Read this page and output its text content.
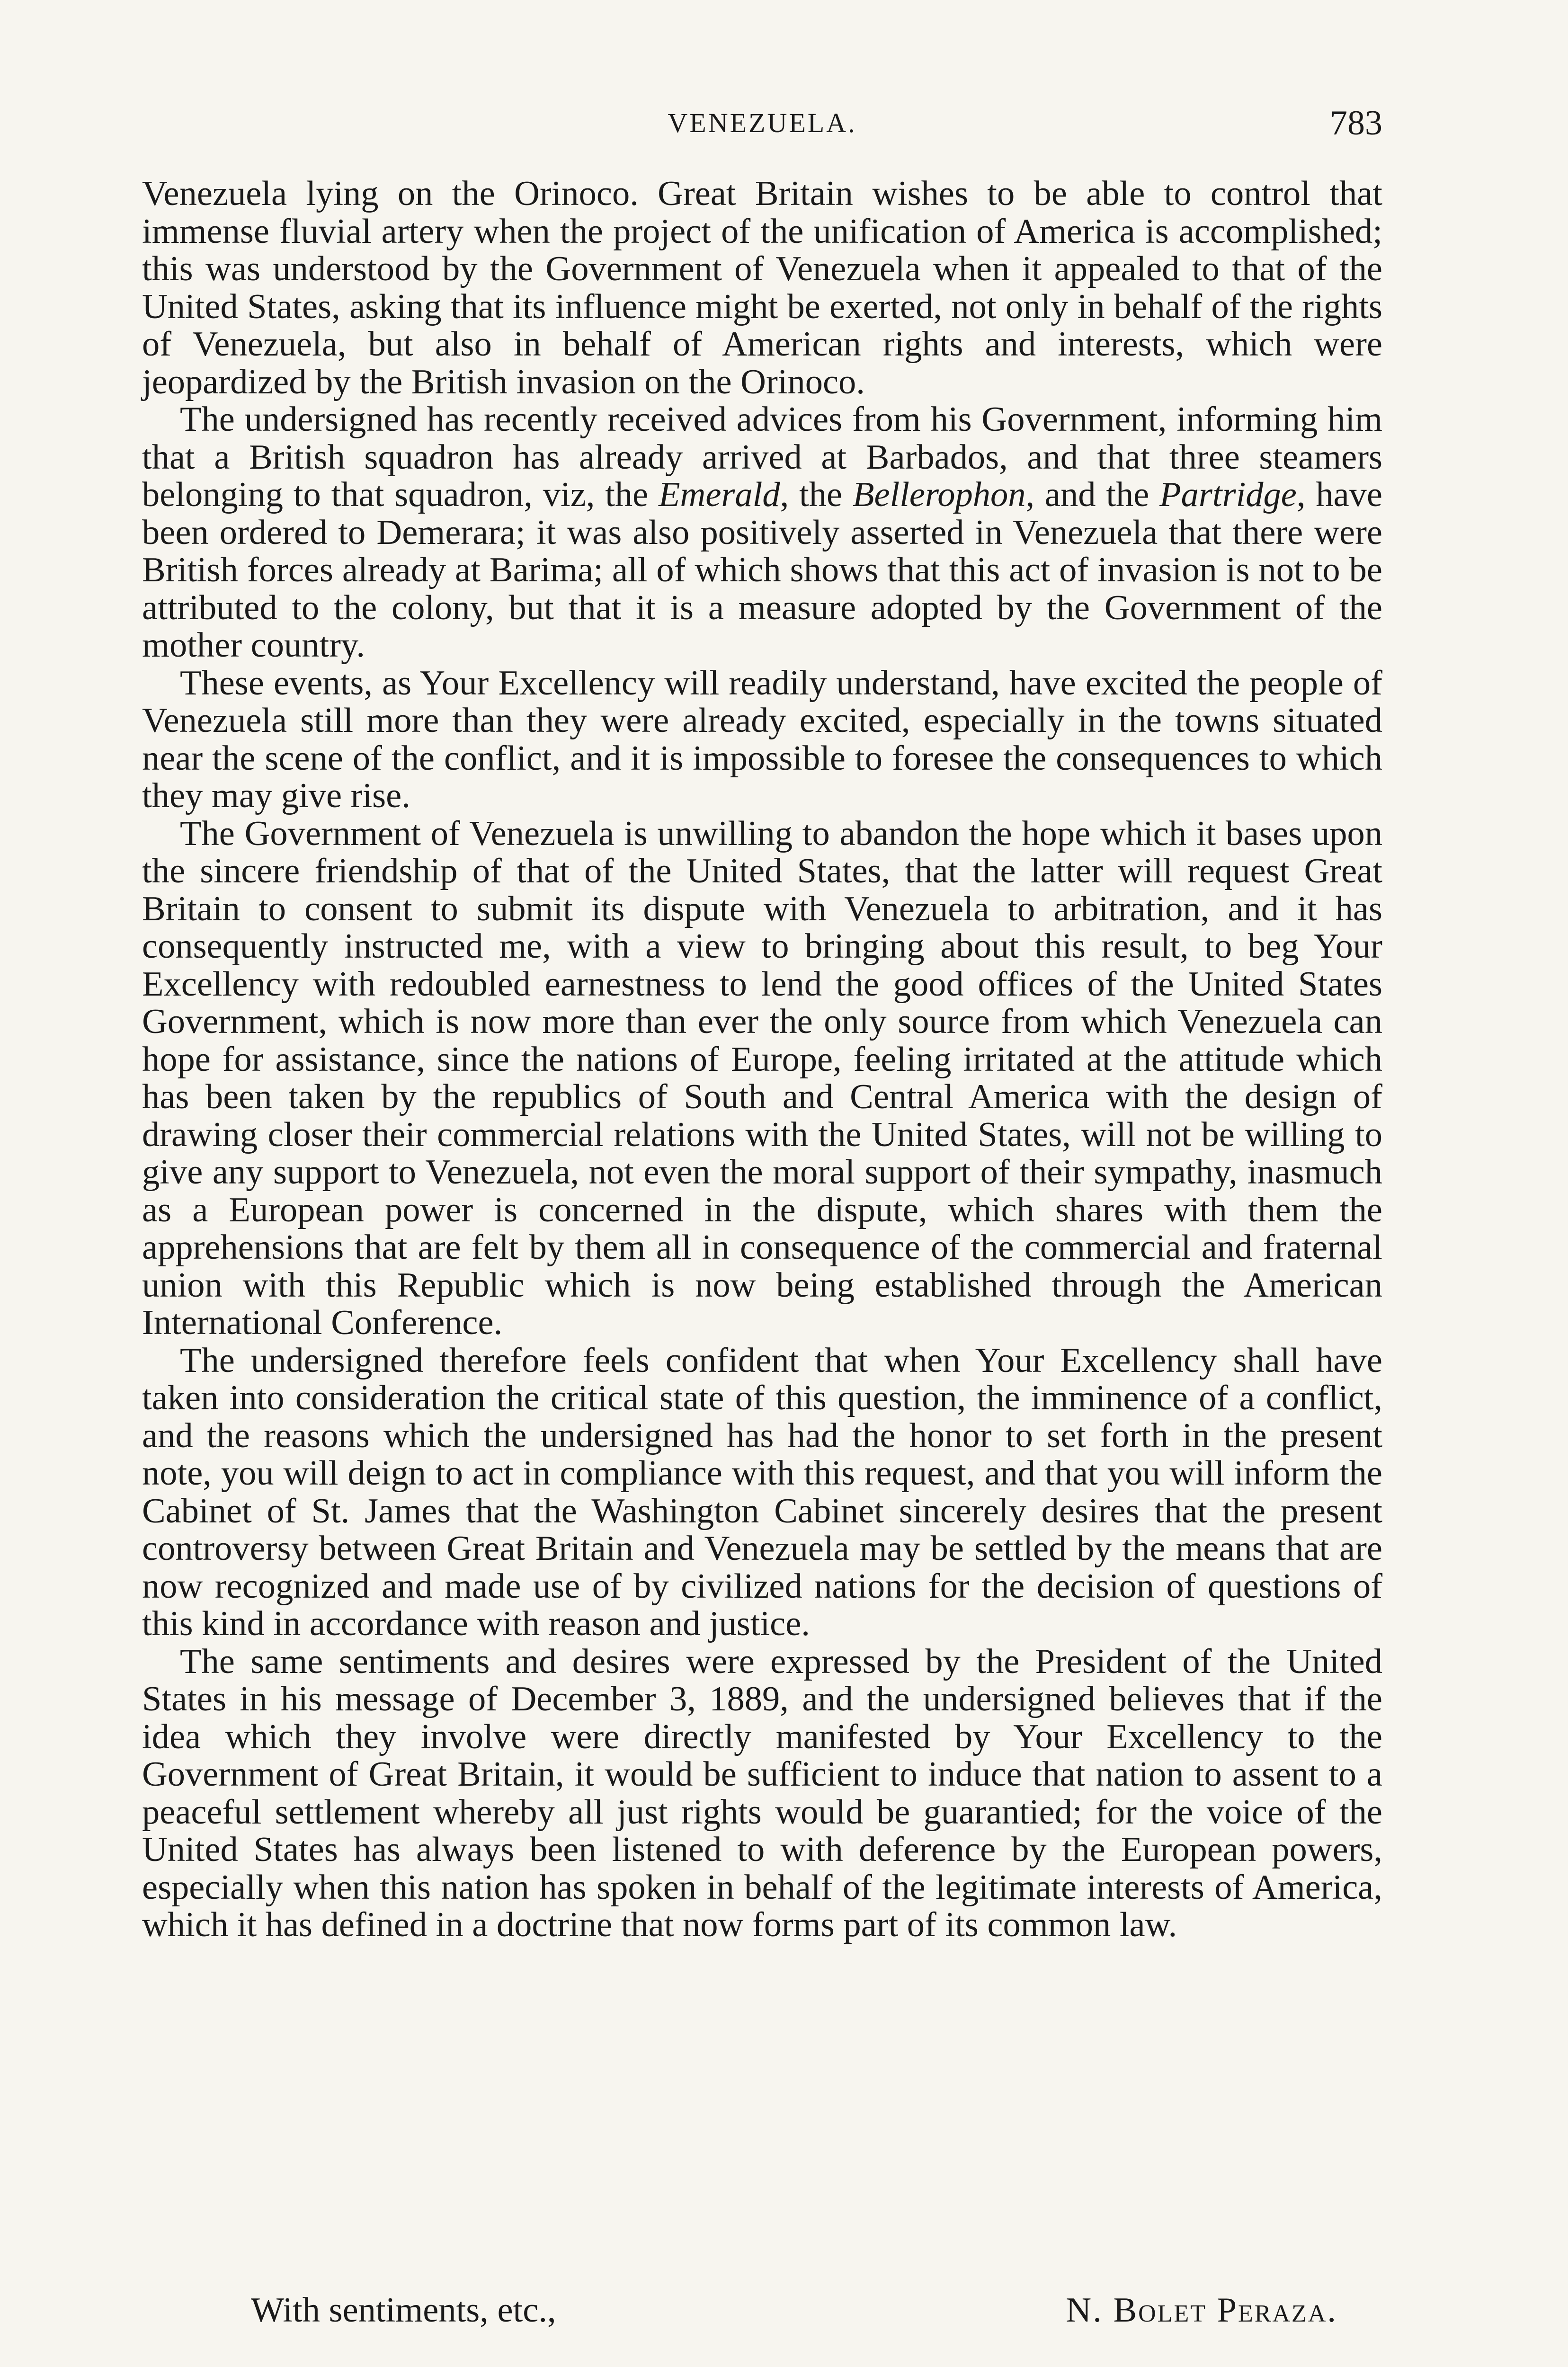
VENEZUELA.	783

Venezuela lying on the Orinoco. Great Britain wishes to be able to control that immense fluvial artery when the project of the unification of America is accomplished; this was understood by the Government of Venezuela when it appealed to that of the United States, asking that its influence might be exerted, not only in behalf of the rights of Venezuela, but also in behalf of American rights and interests, which were jeopardized by the British invasion on the Orinoco.

The undersigned has recently received advices from his Government, informing him that a British squadron has already arrived at Barbados, and that three steamers belonging to that squadron, viz, the Emerald, the Bellerophon, and the Partridge, have been ordered to Demerara; it was also positively asserted in Venezuela that there were British forces already at Barima; all of which shows that this act of invasion is not to be attributed to the colony, but that it is a measure adopted by the Government of the mother country.

These events, as Your Excellency will readily understand, have excited the people of Venezuela still more than they were already excited, especially in the towns situated near the scene of the conflict, and it is impossible to foresee the consequences to which they may give rise.

The Government of Venezuela is unwilling to abandon the hope which it bases upon the sincere friendship of that of the United States, that the latter will request Great Britain to consent to submit its dispute with Venezuela to arbitration, and it has consequently instructed me, with a view to bringing about this result, to beg Your Excellency with redoubled earnestness to lend the good offices of the United States Government, which is now more than ever the only source from which Venezuela can hope for assistance, since the nations of Europe, feeling irritated at the attitude which has been taken by the republics of South and Central America with the design of drawing closer their commercial relations with the United States, will not be willing to give any support to Venezuela, not even the moral support of their sympathy, inasmuch as a European power is concerned in the dispute, which shares with them the apprehensions that are felt by them all in consequence of the commercial and fraternal union with this Republic which is now being established through the American International Conference.

The undersigned therefore feels confident that when Your Excellency shall have taken into consideration the critical state of this question, the imminence of a conflict, and the reasons which the undersigned has had the honor to set forth in the present note, you will deign to act in compliance with this request, and that you will inform the Cabinet of St. James that the Washington Cabinet sincerely desires that the present controversy between Great Britain and Venezuela may be settled by the means that are now recognized and made use of by civilized nations for the decision of questions of this kind in accordance with reason and justice.

The same sentiments and desires were expressed by the President of the United States in his message of December 3, 1889, and the undersigned believes that if the idea which they involve were directly manifested by Your Excellency to the Government of Great Britain, it would be sufficient to induce that nation to assent to a peaceful settlement whereby all just rights would be guarantied; for the voice of the United States has always been listened to with deference by the European powers, especially when this nation has spoken in behalf of the legitimate interests of America, which it has defined in a doctrine that now forms part of its common law.

With sentiments, etc.,	N. Bolet Peraza.
